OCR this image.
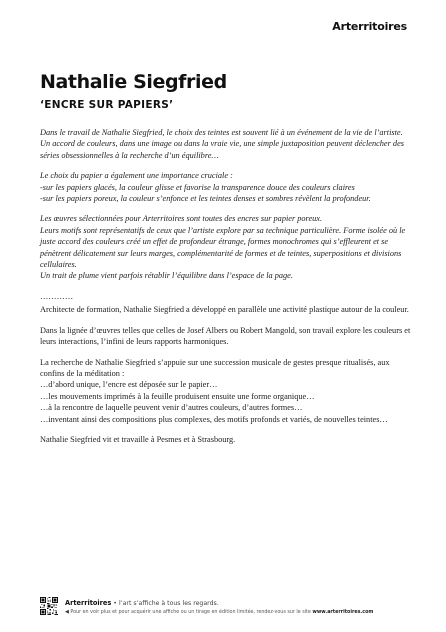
Arterritoires
Nathalie Siegfried
‘ENCRE SUR PAPIERS’

Dans le travail de Nathalie Siegfried, le choix des teintes est souvent lié à un événement de la vie de l’artiste. Un accord de couleurs, dans une image ou dans la vraie vie, une simple juxtaposition peuvent déclencher des séries obsessionnelles à la recherche d’un équilibre…

Le choix du papier a également une importance cruciale :
-sur les papiers glacés, la couleur glisse et favorise la transparence douce des couleurs claires
-sur les papiers poreux, la couleur s’enfonce et les teintes denses et sombres révèlent la profondeur.

Les œuvres sélectionnées pour Arterritoires sont toutes des encres sur papier poreux.
Leurs motifs sont représentatifs de ceux que l’artiste explore par sa technique particulière. Forme isolée où le juste accord des couleurs créé un effet de profondeur étrange, formes monochromes qui s’effleurent et se pénètrent délicatement sur leurs marges, complémentarité de formes et de teintes, superpositions et divisions cellulaires.
Un trait de plume vient parfois rétablir l’équilibre dans l’espace de la page.

…………

Architecte de formation, Nathalie Siegfried a développé en parallèle une activité plastique autour de la couleur.

Dans la lignée d’œuvres telles que celles de Josef Albers ou Robert Mangold, son travail explore les couleurs et leurs interactions, l’infini de leurs rapports harmoniques.

La recherche de Nathalie Siegfried s’appuie sur une succession musicale de gestes presque ritualisés, aux confins de la méditation :
…d’abord unique, l’encre est déposée sur le papier…
…les mouvements imprimés à la feuille produisent ensuite une forme organique…
…à la rencontre de laquelle peuvent venir d’autres couleurs, d’autres formes…
…inventant ainsi des compositions plus complexes, des motifs profonds et variés, de nouvelles teintes…

Nathalie Siegfried vit et travaille à Pesmes et à Strasbourg.

Arterritoires • l’art s’affiche à tous les regards.
◀ Pour en voir plus et pour acquérir une affiche ou un tirage en édition limitée, rendez-vous sur le site www.arterritoires.com
